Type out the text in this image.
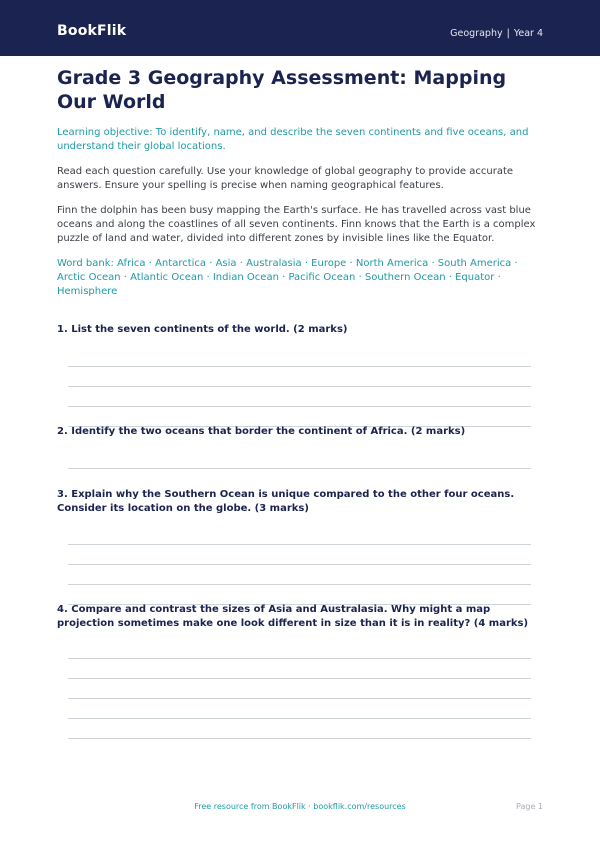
BookFlik	Geography | Year 4
Grade 3 Geography Assessment: Mapping Our World

Learning objective: To identify, name, and describe the seven continents and five oceans, and understand their global locations.

Read each question carefully. Use your knowledge of global geography to provide accurate answers. Ensure your spelling is precise when naming geographical features.

Finn the dolphin has been busy mapping the Earth's surface. He has travelled across vast blue oceans and along the coastlines of all seven continents. Finn knows that the Earth is a complex puzzle of land and water, divided into different zones by invisible lines like the Equator.

Word bank: Africa · Antarctica · Asia · Australasia · Europe · North America · South America · Arctic Ocean · Atlantic Ocean · Indian Ocean · Pacific Ocean · Southern Ocean · Equator · Hemisphere

1. List the seven continents of the world. (2 marks)

2. Identify the two oceans that border the continent of Africa. (2 marks)

3. Explain why the Southern Ocean is unique compared to the other four oceans. Consider its location on the globe. (3 marks)

4. Compare and contrast the sizes of Asia and Australasia. Why might a map projection sometimes make one look different in size than it is in reality? (4 marks)

Free resource from BookFlik · bookflik.com/resources	Page 1
